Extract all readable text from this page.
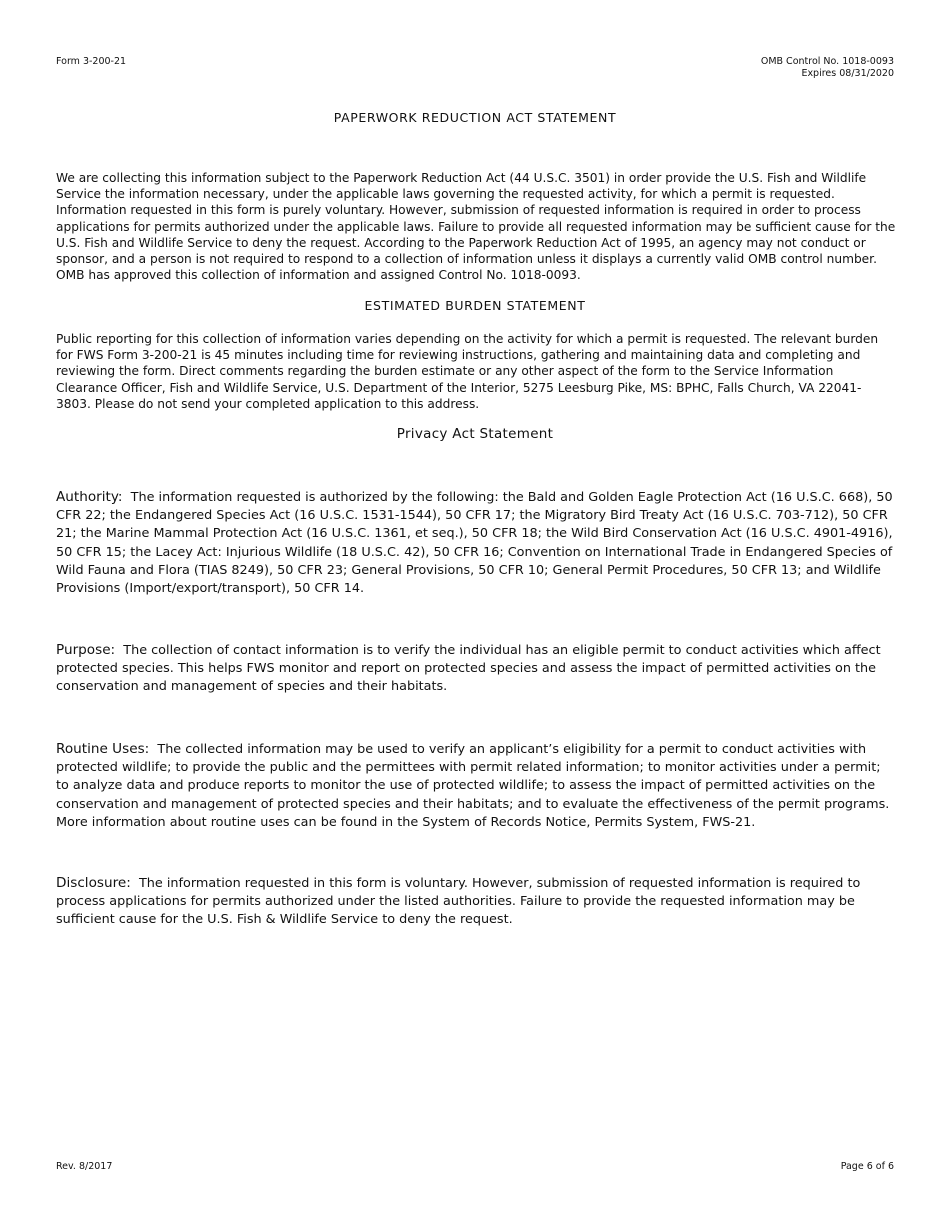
Form 3-200-21	OMB Control No. 1018-0093
Expires 08/31/2020
PAPERWORK REDUCTION ACT STATEMENT

We are collecting this information subject to the Paperwork Reduction Act (44 U.S.C. 3501) in order provide the U.S. Fish and Wildlife Service the information necessary, under the applicable laws governing the requested activity, for which a permit is requested. Information requested in this form is purely voluntary. However, submission of requested information is required in order to process applications for permits authorized under the applicable laws. Failure to provide all requested information may be sufficient cause for the U.S. Fish and Wildlife Service to deny the request. According to the Paperwork Reduction Act of 1995, an agency may not conduct or sponsor, and a person is not required to respond to a collection of information unless it displays a currently valid OMB control number. OMB has approved this collection of information and assigned Control No. 1018-0093.

ESTIMATED BURDEN STATEMENT

Public reporting for this collection of information varies depending on the activity for which a permit is requested. The relevant burden for FWS Form 3-200-21 is 45 minutes including time for reviewing instructions, gathering and maintaining data and completing and reviewing the form. Direct comments regarding the burden estimate or any other aspect of the form to the Service Information Clearance Officer, Fish and Wildlife Service, U.S. Department of the Interior, 5275 Leesburg Pike, MS: BPHC, Falls Church, VA 22041-3803. Please do not send your completed application to this address.

Privacy Act Statement

Authority: The information requested is authorized by the following: the Bald and Golden Eagle Protection Act (16 U.S.C. 668), 50 CFR 22; the Endangered Species Act (16 U.S.C. 1531-1544), 50 CFR 17; the Migratory Bird Treaty Act (16 U.S.C. 703-712), 50 CFR 21; the Marine Mammal Protection Act (16 U.S.C. 1361, et seq.), 50 CFR 18; the Wild Bird Conservation Act (16 U.S.C. 4901-4916), 50 CFR 15; the Lacey Act: Injurious Wildlife (18 U.S.C. 42), 50 CFR 16; Convention on International Trade in Endangered Species of Wild Fauna and Flora (TIAS 8249), 50 CFR 23; General Provisions, 50 CFR 10; General Permit Procedures, 50 CFR 13; and Wildlife Provisions (Import/export/transport), 50 CFR 14.

Purpose: The collection of contact information is to verify the individual has an eligible permit to conduct activities which affect protected species. This helps FWS monitor and report on protected species and assess the impact of permitted activities on the conservation and management of species and their habitats.

Routine Uses: The collected information may be used to verify an applicant’s eligibility for a permit to conduct activities with protected wildlife; to provide the public and the permittees with permit related information; to monitor activities under a permit; to analyze data and produce reports to monitor the use of protected wildlife; to assess the impact of permitted activities on the conservation and management of protected species and their habitats; and to evaluate the effectiveness of the permit programs. More information about routine uses can be found in the System of Records Notice, Permits System, FWS-21.

Disclosure: The information requested in this form is voluntary. However, submission of requested information is required to process applications for permits authorized under the listed authorities. Failure to provide the requested information may be sufficient cause for the U.S. Fish & Wildlife Service to deny the request.

Rev. 8/2017	Page 6 of 6
